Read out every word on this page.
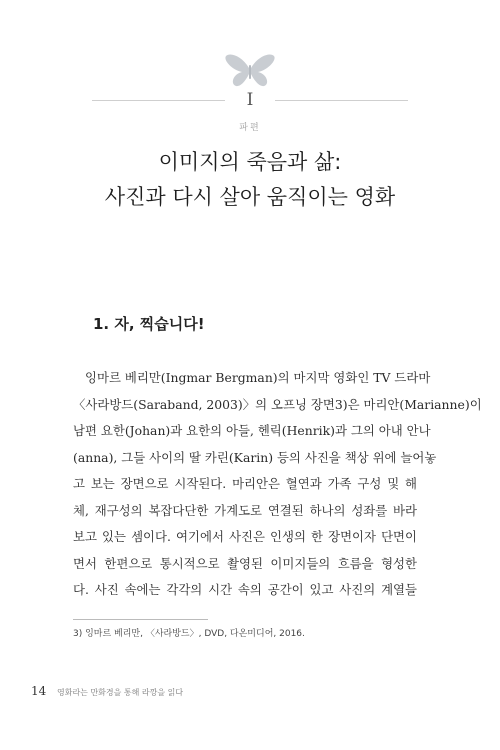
I
파편
이미지의 죽음과 삶:
사진과 다시 살아 움직이는 영화
1. 자, 찍습니다!
잉마르 베리만(Ingmar Bergman)의 마지막 영화인 TV 드라마
〈사라방드(Saraband, 2003)〉의 오프닝 장면3)은 마리안(Marianne)이
남편 요한(Johan)과 요한의 아들, 헨릭(Henrik)과 그의 아내 안나
(anna), 그들 사이의 딸 카린(Karin) 등의 사진을 책상 위에 늘어놓
고 보는 장면으로 시작된다. 마리안은 혈연과 가족 구성 및 해
체, 재구성의 복잡다단한 가계도로 연결된 하나의 성좌를 바라
보고 있는 셈이다. 여기에서 사진은 인생의 한 장면이자 단면이
면서 한편으로 통시적으로 촬영된 이미지들의 흐름을 형성한
다. 사진 속에는 각각의 시간 속의 공간이 있고 사진의 계열들
3) 잉마르 베리만, 〈사라방드〉, DVD, 다온미디어, 2016.
14 영화라는 만화경을 통해 라깡을 읽다
